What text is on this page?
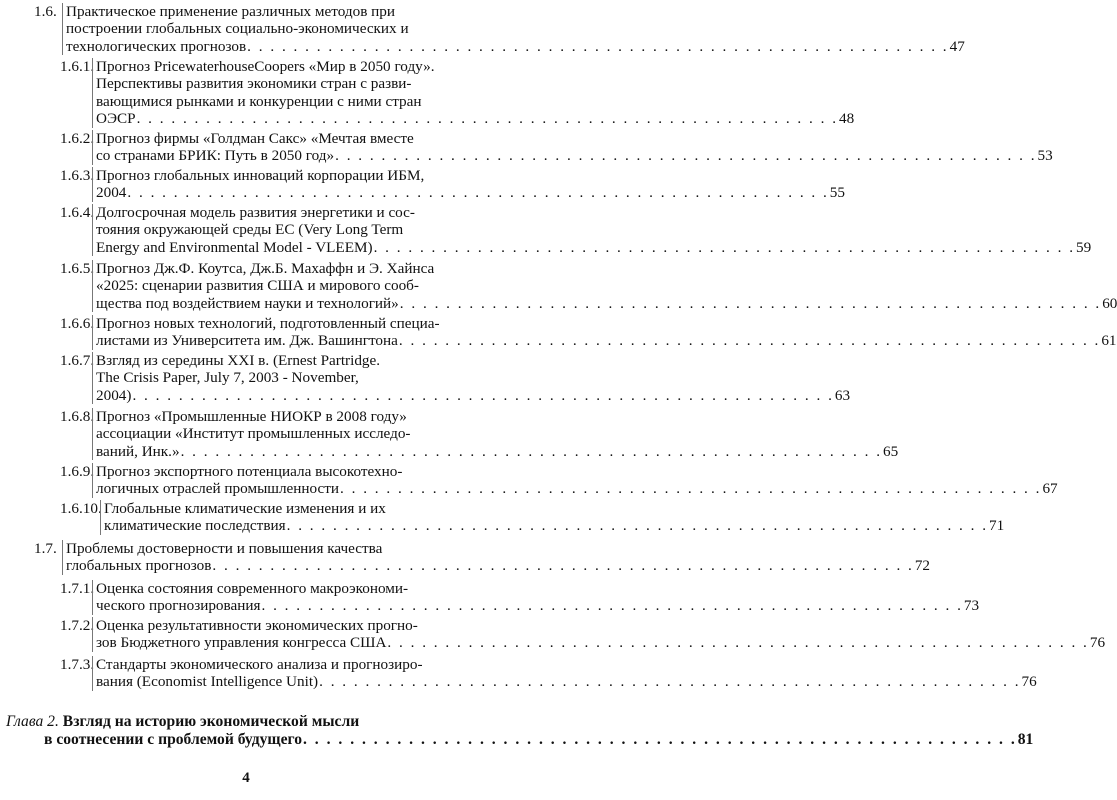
1.6. Практическое применение различных методов при
построении глобальных социально-экономических и
технологических прогнозов . . . . . . . . . . . . . . . . . . . . . . . . . . . . . . . . . . . . . . . . . . . . . . . . . . . . . . . . . . . . . 47
1.6.1. Прогноз PricewaterhouseCoopers «Мир в 2050 году».
Перспективы развития экономики стран с разви-
вающимися рынками и конкуренции с ними стран
ОЭСР . . . . . . . . . . . . . . . . . . . . . . . . . . . . . . . . . . . . . . . . . . . . . . . . . . . . . . . . . . . . . 48
1.6.2. Прогноз фирмы «Голдман Сакс» «Мечтая вместе
со странами БРИК: Путь в 2050 год» . . . . . . . . . . . . . . . . . . . . . . . . . . . . . . . . . . . . . . . . . . . . . . . . . . . . . . . . . . . . . 53
1.6.3. Прогноз глобальных инноваций корпорации ИБМ,
2004 . . . . . . . . . . . . . . . . . . . . . . . . . . . . . . . . . . . . . . . . . . . . . . . . . . . . . . . . . . . . . 55
1.6.4. Долгосрочная модель развития энергетики и сос-
тояния окружающей среды ЕС (Very Long Term
Energy and Environmental Model - VLEEM) . . . . . . . . . . . . . . . . . . . . . . . . . . . . . . . . . . . . . . . . . . . . . . . . . . . . . . . . . . . . . 59
1.6.5. Прогноз Дж.Ф. Коутса, Дж.Б. Махаффн и Э. Хайнса
«2025: сценарии развития США и мирового сооб-
щества под воздействием науки и технологий» . . . . . . . . . . . . . . . . . . . . . . . . . . . . . . . . . . . . . . . . . . . . . . . . . . . . . . . . . . . . . 60
1.6.6. Прогноз новых технологий, подготовленный специа-
листами из Университета им. Дж. Вашингтона . . . . . . . . . . . . . . . . . . . . . . . . . . . . . . . . . . . . . . . . . . . . . . . . . . . . . . . . . . . . . 61
1.6.7. Взгляд из середины XXI в. (Ernest Partridge.
The Crisis Paper, July 7, 2003 - November,
2004) . . . . . . . . . . . . . . . . . . . . . . . . . . . . . . . . . . . . . . . . . . . . . . . . . . . . . . . . . . . . . 63
1.6.8. Прогноз «Промышленные НИОКР в 2008 году»
ассоциации «Институт промышленных исследо-
ваний, Инк.» . . . . . . . . . . . . . . . . . . . . . . . . . . . . . . . . . . . . . . . . . . . . . . . . . . . . . . . . . . . . . 65
1.6.9. Прогноз экспортного потенциала высокотехно-
логичных отраслей промышленности . . . . . . . . . . . . . . . . . . . . . . . . . . . . . . . . . . . . . . . . . . . . . . . . . . . . . . . . . . . . . 67
1.6.10. Глобальные климатические изменения и их
климатические последствия . . . . . . . . . . . . . . . . . . . . . . . . . . . . . . . . . . . . . . . . . . . . . . . . . . . . . . . . . . . . . 71
1.7. Проблемы достоверности и повышения качества
глобальных прогнозов . . . . . . . . . . . . . . . . . . . . . . . . . . . . . . . . . . . . . . . . . . . . . . . . . . . . . . . . . . . . . 72
1.7.1. Оценка состояния современного макроэкономи-
ческого прогнозирования . . . . . . . . . . . . . . . . . . . . . . . . . . . . . . . . . . . . . . . . . . . . . . . . . . . . . . . . . . . . . 73
1.7.2. Оценка результативности экономических прогно-
зов Бюджетного управления конгресса США . . . . . . . . . . . . . . . . . . . . . . . . . . . . . . . . . . . . . . . . . . . . . . . . . . . . . . . . . . . . . 76
1.7.3. Стандарты экономического анализа и прогнозиро-
вания (Economist Intelligence Unit) . . . . . . . . . . . . . . . . . . . . . . . . . . . . . . . . . . . . . . . . . . . . . . . . . . . . . . . . . . . . . 76
Глава 2. Взгляд на историю экономической мысли
в соотнесении с проблемой будущего . . . . . . . . . . . . . . . . . . . . . . . . . . . . . . . . . . . . . . . . . . . . . . . . . . . . . . . . . . . . . 81
4
